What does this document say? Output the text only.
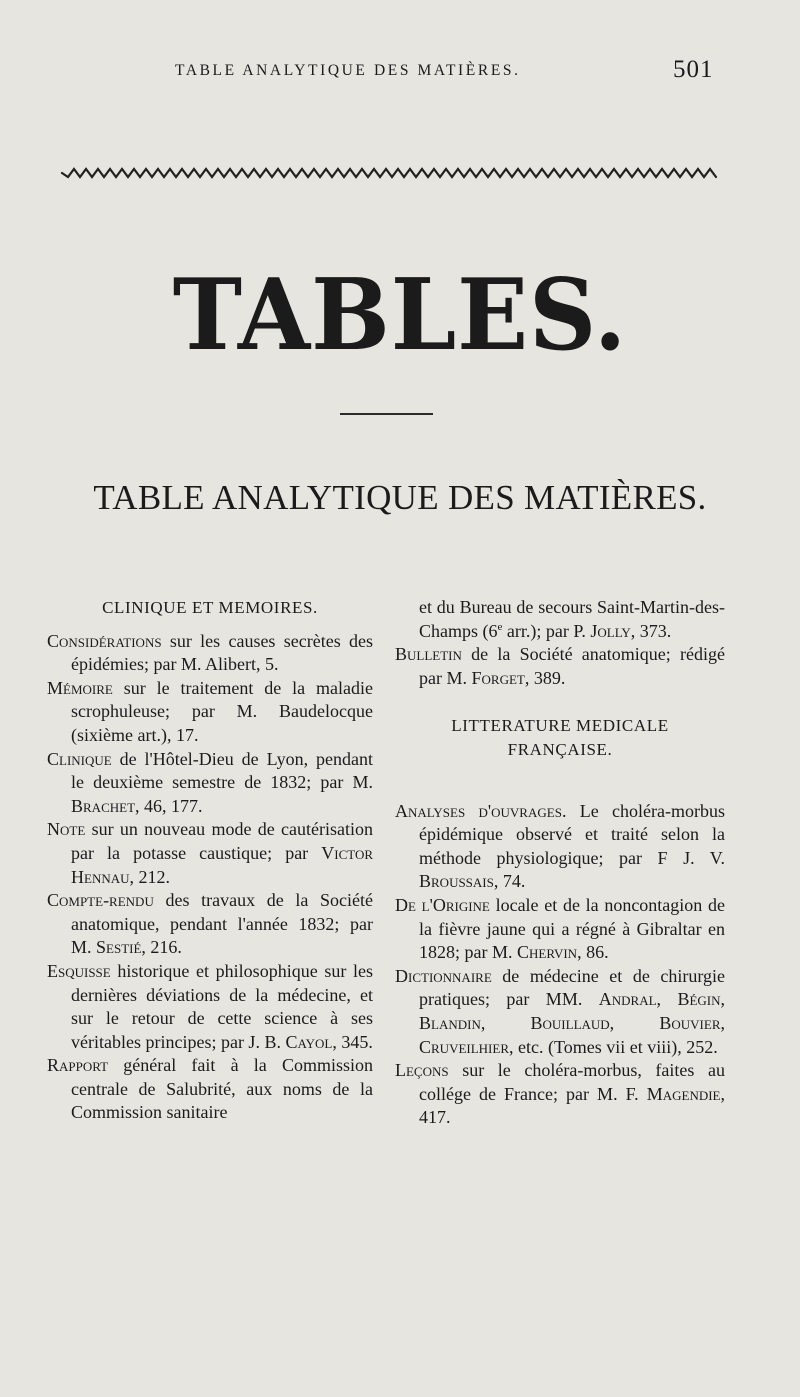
TABLE ANALYTIQUE DES MATIÈRES.	501
TABLES.
TABLE ANALYTIQUE DES MATIÈRES.
CLINIQUE ET MEMOIRES.

Considérations sur les causes secrètes des épidémies; par M. Alibert, 5.

Mémoire sur le traitement de la maladie scrophuleuse; par M. Baudelocque (sixième art.), 17.

Clinique de l'Hôtel-Dieu de Lyon, pendant le deuxième semestre de 1832; par M. Brachet, 46, 177.

Note sur un nouveau mode de cautérisation par la potasse caustique; par Victor Hennau, 212.

Compte-rendu des travaux de la Société anatomique, pendant l'année 1832; par M. Sestié, 216.

Esquisse historique et philosophique sur les dernières déviations de la médecine, et sur le retour de cette science à ses véritables principes; par J. B. Cayol, 345.

Rapport général fait à la Commission centrale de Salubrité, aux noms de la Commission sanitaire

et du Bureau de secours Saint-Martin-des-Champs (6e arr.); par P. Jolly, 373.

Bulletin de la Société anatomique; rédigé par M. Forget, 389.

LITTERATURE MEDICALE
FRANÇAISE.

Analyses d'ouvrages. Le choléra-morbus épidémique observé et traité selon la méthode physiologique; par F J. V. Broussais, 74.

De l'Origine locale et de la noncontagion de la fièvre jaune qui a régné à Gibraltar en 1828; par M. Chervin, 86.

Dictionnaire de médecine et de chirurgie pratiques; par MM. Andral, Bégin, Blandin, Bouillaud, Bouvier, Cruveilhier, etc. (Tomes vii et viii), 252.

Leçons sur le choléra-morbus, faites au collége de France; par M. F. Magendie, 417.
